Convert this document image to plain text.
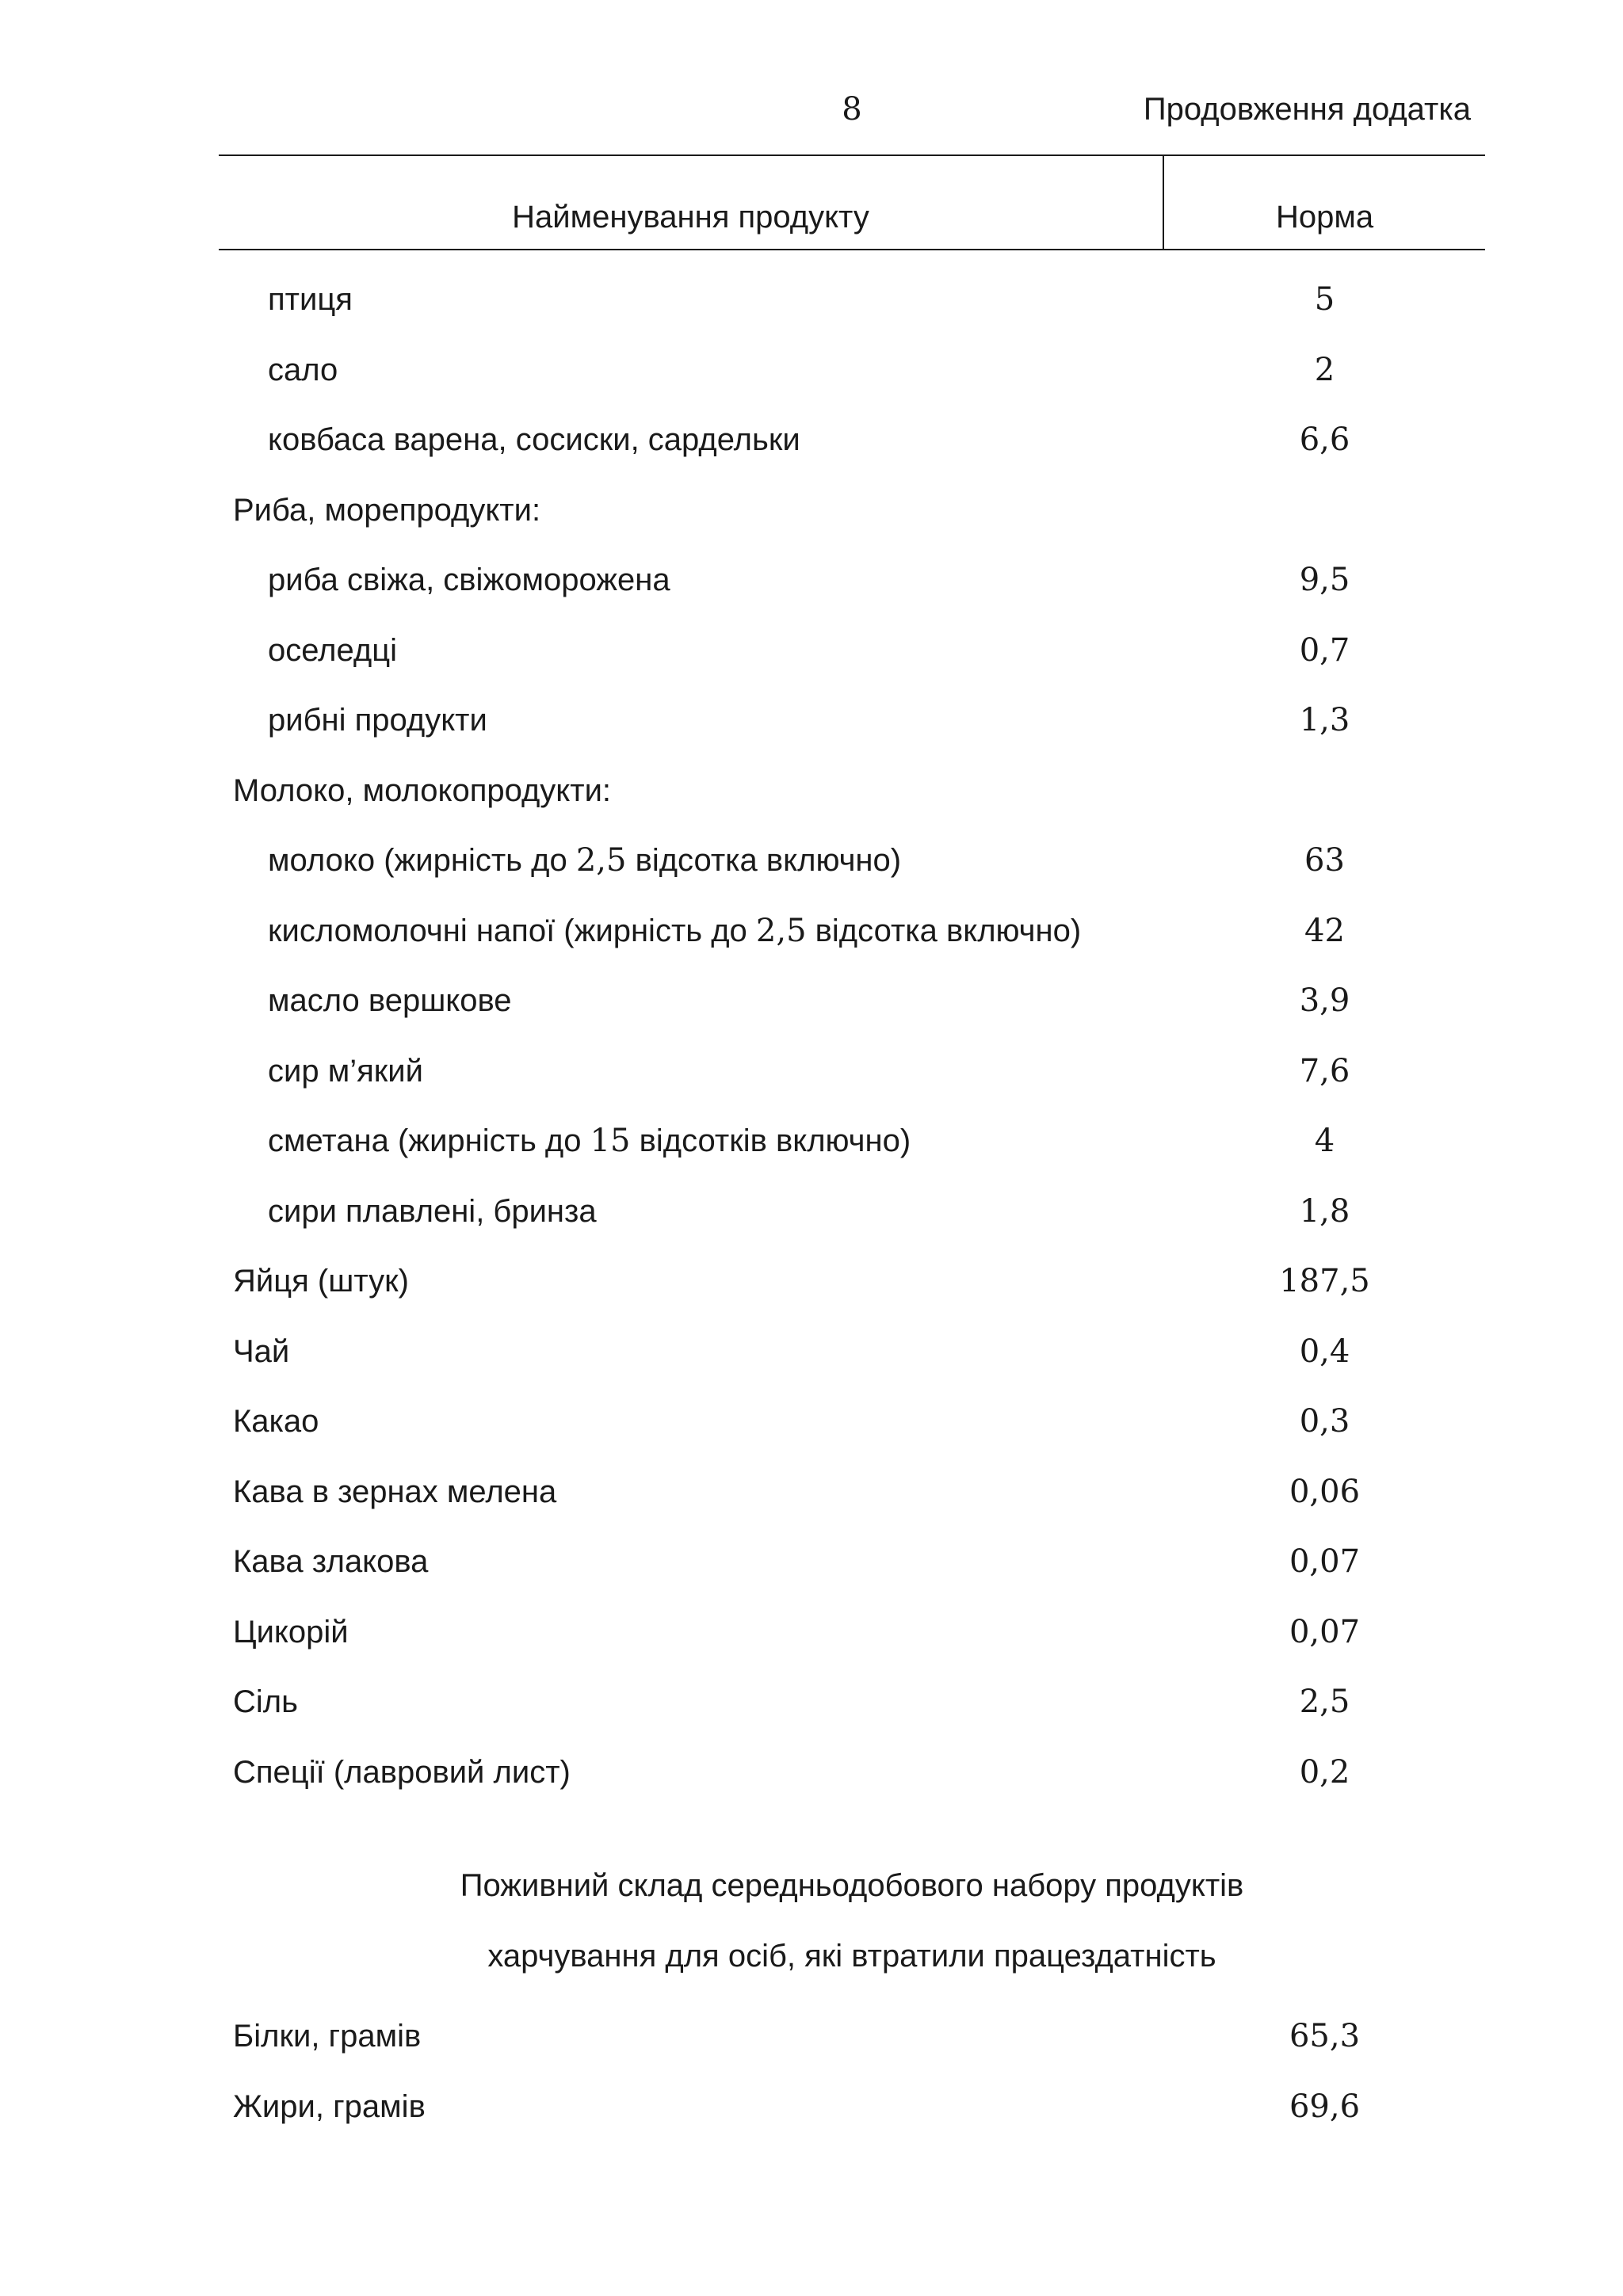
8	Продовження додатка
Найменування продукту	Норма
птиця	5
сало	2
ковбаса варена, сосиски, сардельки	6,6
Риба, морепродукти:
риба свіжа, свіжоморожена	9,5
оселедці	0,7
рибні продукти	1,3
Молоко, молокопродукти:
молоко (жирність до 2,5 відсотка включно)	63
кисломолочні напої (жирність до 2,5 відсотка включно)	42
масло вершкове	3,9
сир м’який	7,6
сметана (жирність до 15 відсотків включно)	4
сири плавлені, бринза	1,8
Яйця (штук)	187,5
Чай	0,4
Какао	0,3
Кава в зернах мелена	0,06
Кава злакова	0,07
Цикорій	0,07
Сіль	2,5
Спеції (лавровий лист)	0,2
Поживний склад середньодобового набору продуктів
харчування для осіб, які втратили працездатність
Білки, грамів	65,3
Жири, грамів	69,6
